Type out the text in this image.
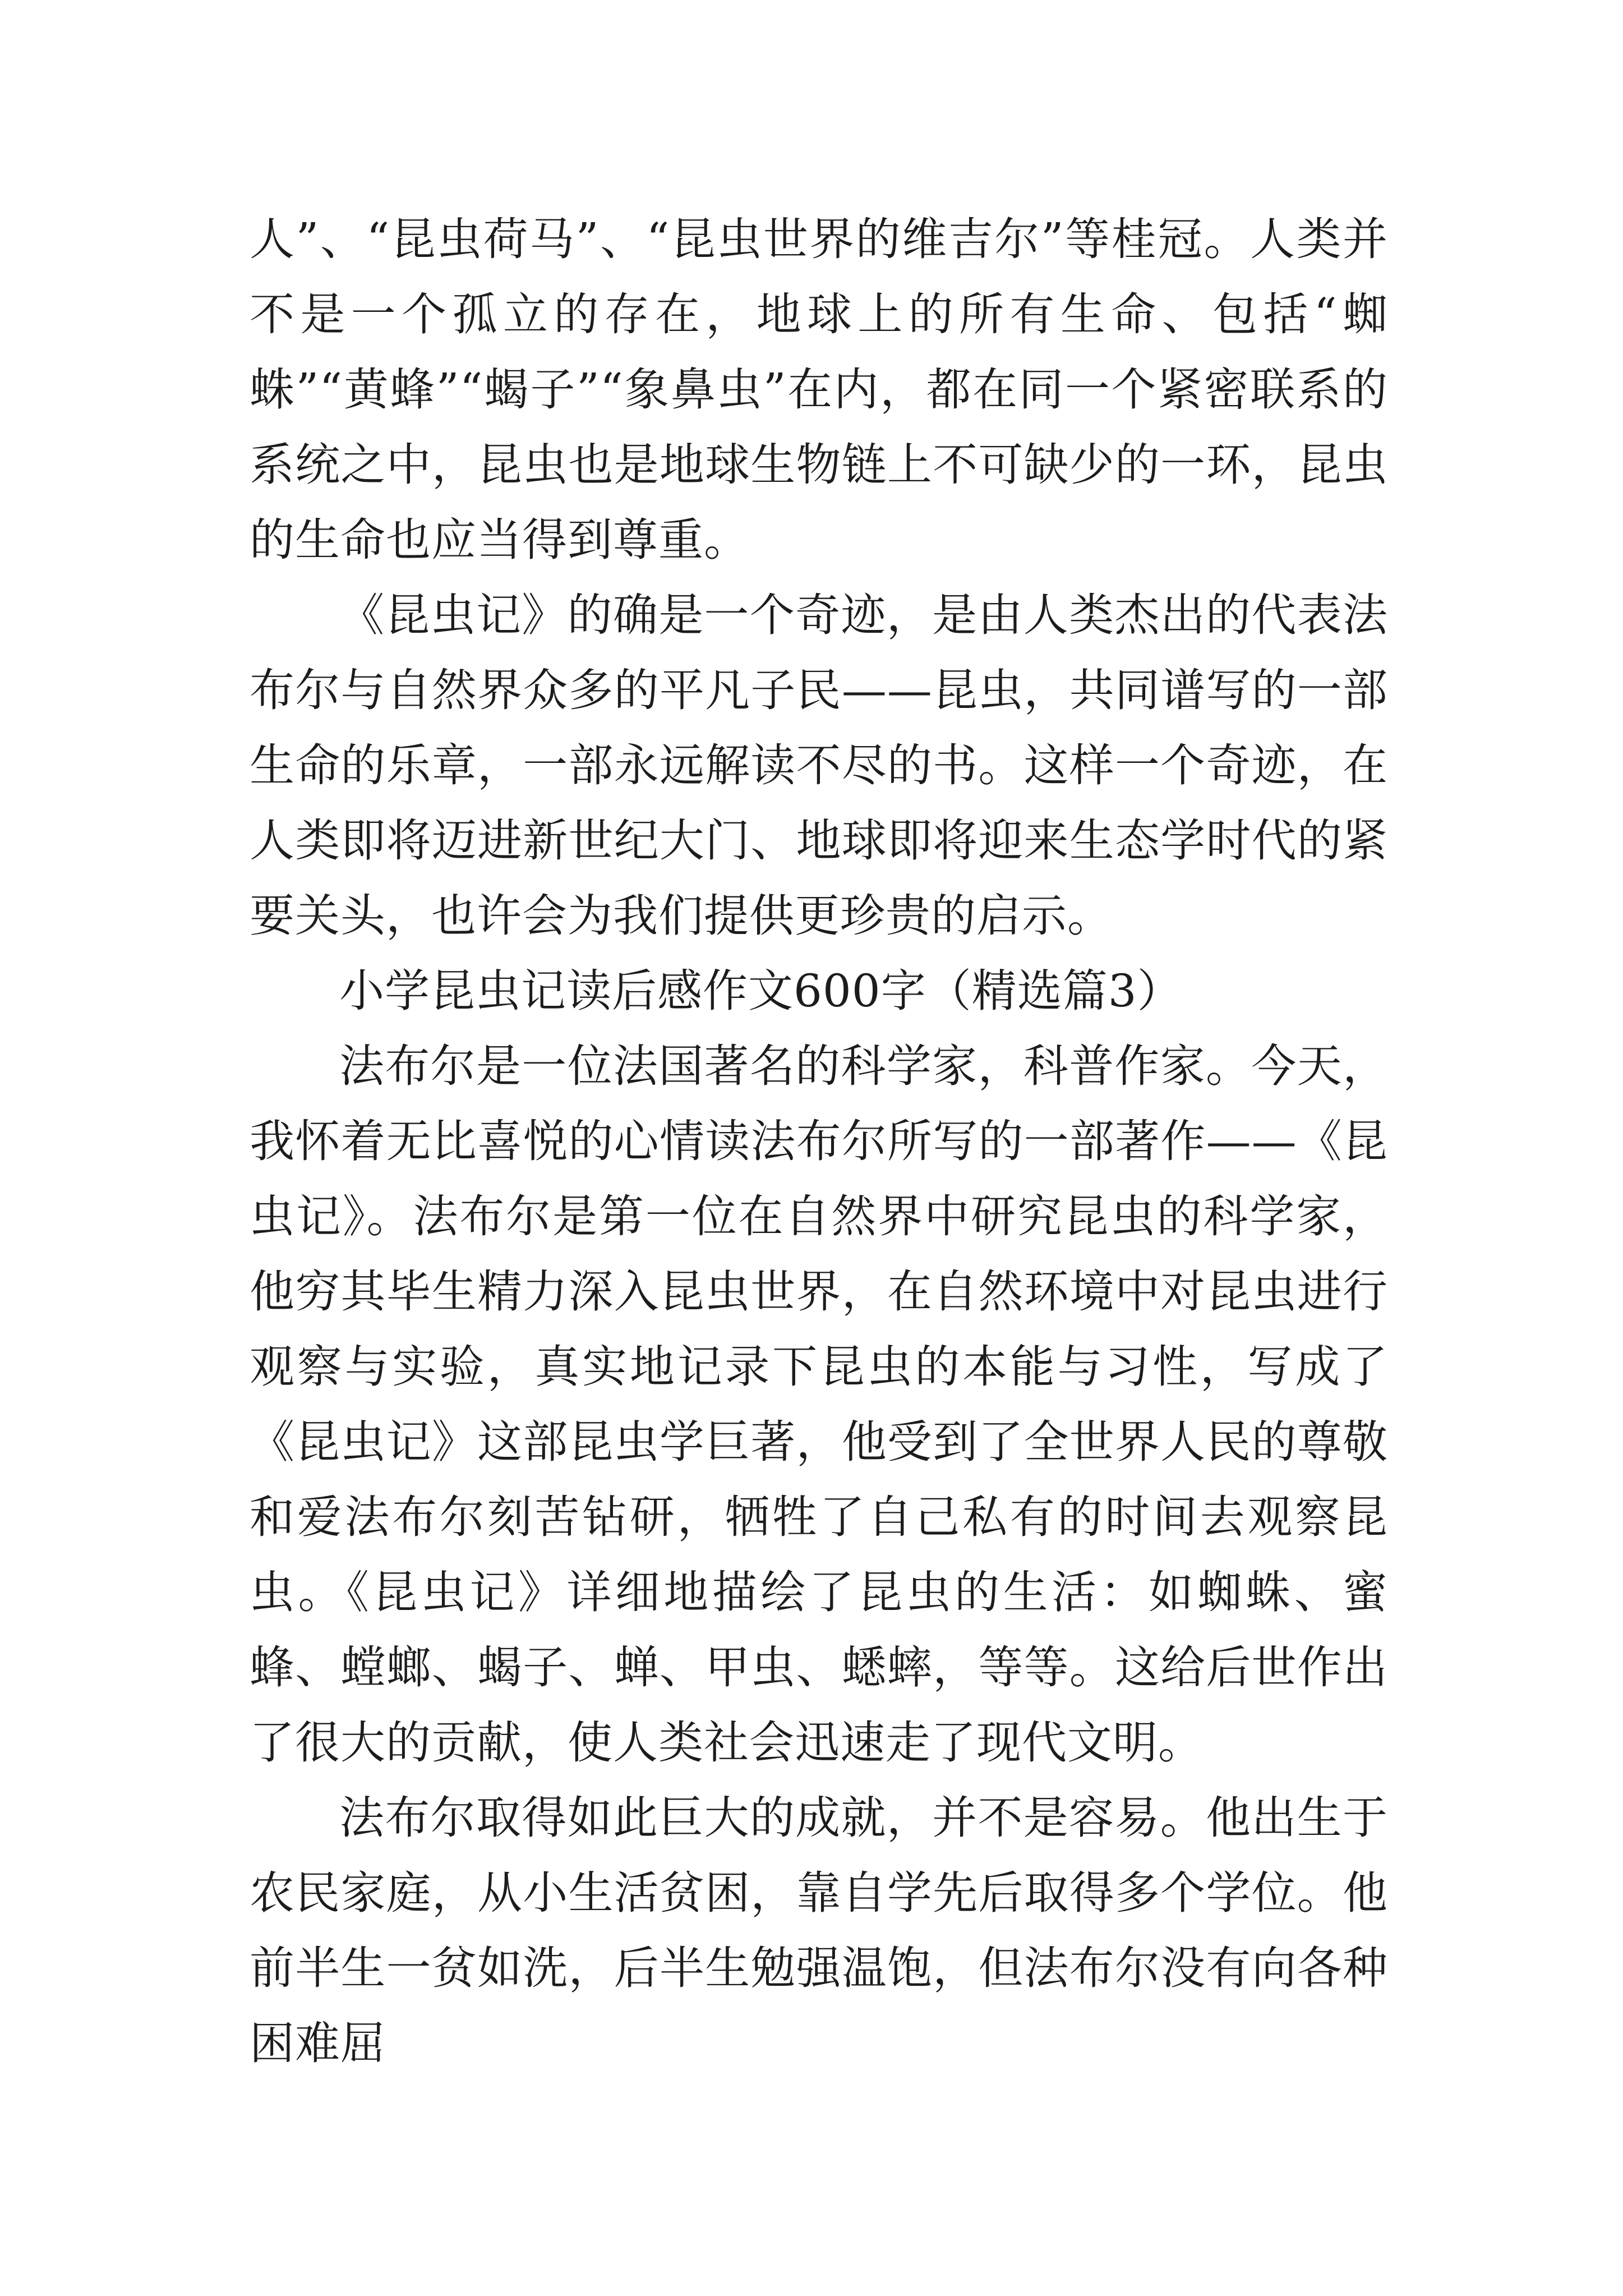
人”、“昆虫荷马”、“昆虫世界的维吉尔”等桂冠。人类并不是一个孤立的存在，地球上的所有生命、包括“蜘蛛”“黄蜂”“蝎子”“象鼻虫”在内，都在同一个紧密联系的系统之中，昆虫也是地球生物链上不可缺少的一环，昆虫的生命也应当得到尊重。

《昆虫记》的确是一个奇迹，是由人类杰出的代表法布尔与自然界众多的平凡子民——昆虫，共同谱写的一部生命的乐章，一部永远解读不尽的书。这样一个奇迹，在人类即将迈进新世纪大门、地球即将迎来生态学时代的紧要关头，也许会为我们提供更珍贵的启示。

小学昆虫记读后感作文600字（精选篇3）

法布尔是一位法国著名的科学家，科普作家。今天，我怀着无比喜悦的心情读法布尔所写的一部著作——《昆虫记》。法布尔是第一位在自然界中研究昆虫的科学家，他穷其毕生精力深入昆虫世界，在自然环境中对昆虫进行观察与实验，真实地记录下昆虫的本能与习性，写成了《昆虫记》这部昆虫学巨著，他受到了全世界人民的尊敬和爱法布尔刻苦钻研，牺牲了自己私有的时间去观察昆虫。《昆虫记》详细地描绘了昆虫的生活：如蜘蛛、蜜蜂、螳螂、蝎子、蝉、甲虫、蟋蟀，等等。这给后世作出了很大的贡献，使人类社会迅速走了现代文明。

法布尔取得如此巨大的成就，并不是容易。他出生于农民家庭，从小生活贫困，靠自学先后取得多个学位。他前半生一贫如洗，后半生勉强温饱，但法布尔没有向各种困难屈
